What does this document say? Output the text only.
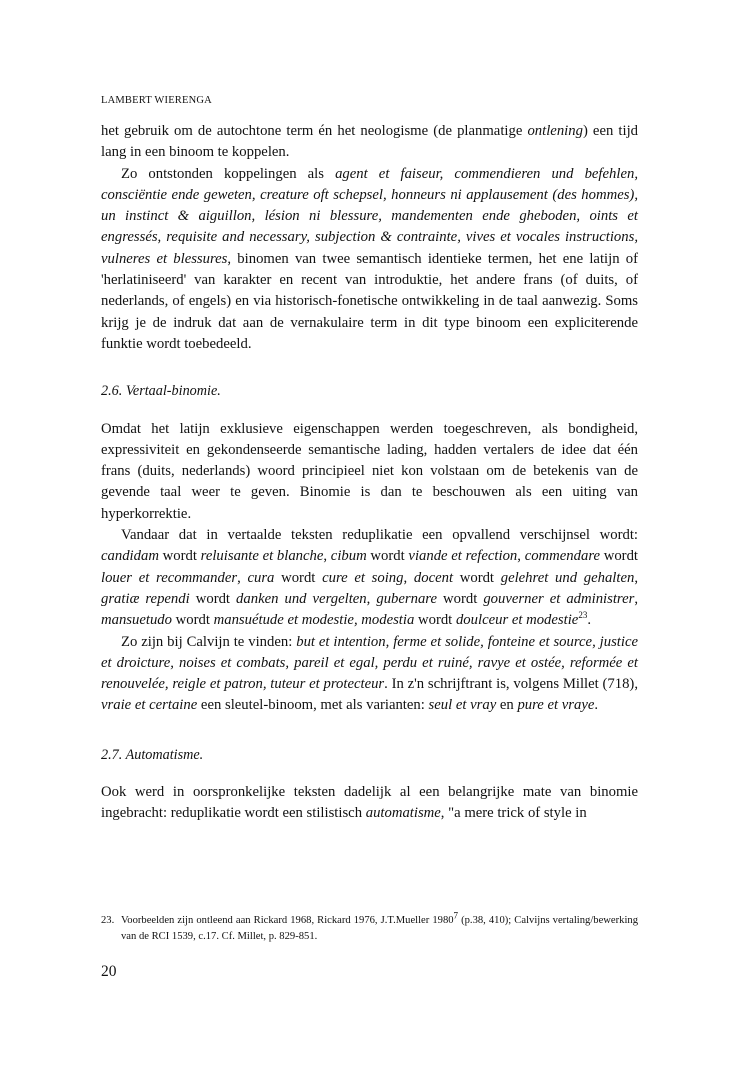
LAMBERT WIERENGA

het gebruik om de autochtone term én het neologisme (de planmatige ontlening) een tijd lang in een binoom te koppelen.

Zo ontstonden koppelingen als agent et faiseur, commendieren und befehlen, consciëntie ende geweten, creature oft schepsel, honneurs ni applausement (des hommes), un instinct & aiguillon, lésion ni blessure, mandementen ende gheboden, oints et engressés, requisite and necessary, subjection & contrainte, vives et vocales instructions, vulneres et blessures, binomen van twee semantisch identieke termen, het ene latijn of 'herlatiniseerd' van karakter en recent van introduktie, het andere frans (of duits, of nederlands, of engels) en via historisch-fonetische ontwikkeling in de taal aanwezig. Soms krijg je de indruk dat aan de vernakulaire term in dit type binoom een expliciterende funktie wordt toebedeeld.

2.6. Vertaal-binomie.

Omdat het latijn exklusieve eigenschappen werden toegeschreven, als bondigheid, expressiviteit en gekondenseerde semantische lading, hadden vertalers de idee dat één frans (duits, nederlands) woord principieel niet kon volstaan om de betekenis van de gevende taal weer te geven. Binomie is dan te beschouwen als een uiting van hyperkorrektie.

Vandaar dat in vertaalde teksten reduplikatie een opvallend verschijnsel wordt: candidam wordt reluisante et blanche, cibum wordt viande et refection, commendare wordt louer et recommander, cura wordt cure et soing, docent wordt gelehret und gehalten, gratiæ rependi wordt danken und vergelten, gubernare wordt gouverner et administrer, mansuetudo wordt mansuétude et modestie, modestia wordt doulceur et modestie$^{23}$.

Zo zijn bij Calvijn te vinden: but et intention, ferme et solide, fonteine et source, justice et droicture, noises et combats, pareil et egal, perdu et ruiné, ravye et ostée, reformée et renouvelée, reigle et patron, tuteur et protecteur. In z'n schrijftrant is, volgens Millet (718), vraie et certaine een sleutel-binoom, met als varianten: seul et vray en pure et vraye.

2.7. Automatisme.

Ook werd in oorspronkelijke teksten dadelijk al een belangrijke mate van binomie ingebracht: reduplikatie wordt een stilistisch automatisme, "a mere trick of style in

23. Voorbeelden zijn ontleend aan Rickard 1968, Rickard 1976, J.T.Mueller 1980$^7$ (p.38, 410); Calvijns vertaling/bewerking van de RCI 1539, c.17. Cf. Millet, p. 829-851.
20
